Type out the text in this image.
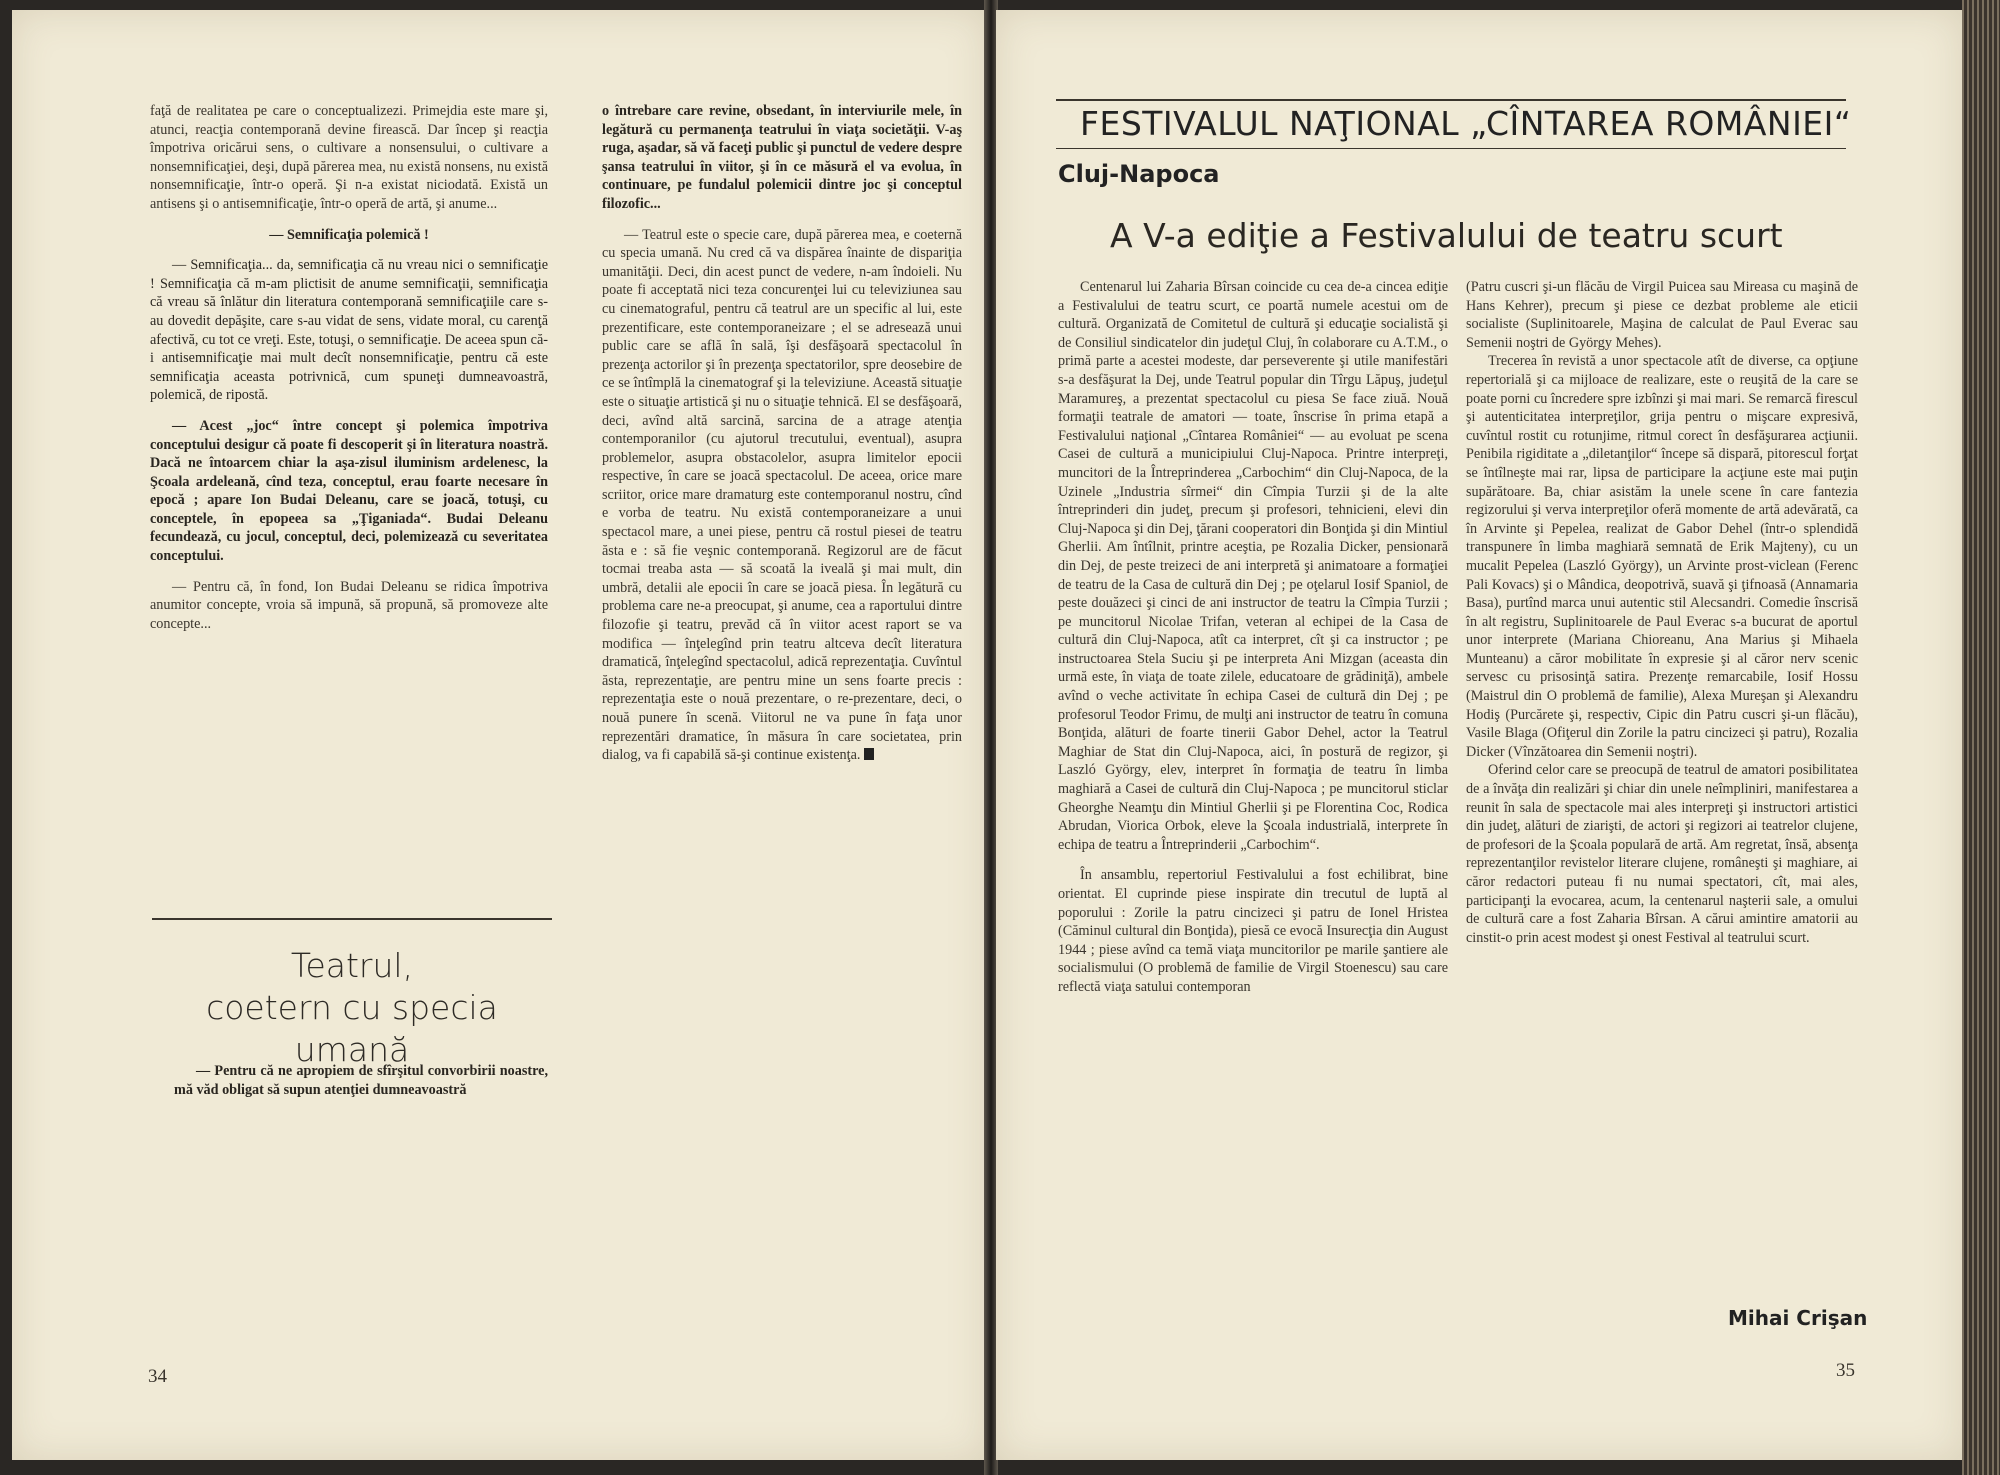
faţă de realitatea pe care o conceptualizezi. Primejdia este mare şi, atunci, reacţia contemporană devine firească. Dar încep şi reacţia împotriva oricărui sens, o cultivare a nonsensului, o cultivare a nonsemnificaţiei, deşi, după părerea mea, nu există nonsens, nu există nonsemnificaţie, într-o operă. Şi n-a existat niciodată. Există un antisens şi o antisemnificaţie, într-o operă de artă, şi anume...

— Semnificaţia polemică !

— Semnificaţia... da, semnificaţia că nu vreau nici o semnificaţie ! Semnificaţia că m-am plictisit de anume semnificaţii, semnificaţia că vreau să înlătur din literatura contemporană semnificaţiile care s-au dovedit depăşite, care s-au vidat de sens, vidate moral, cu carenţă afectivă, cu tot ce vreţi. Este, totuşi, o semnificaţie. De aceea spun că-i antisemnificaţie mai mult decît nonsemnificaţie, pentru că este semnificaţia aceasta potrivnică, cum spuneţi dumneavoastră, polemică, de ripostă.

— Acest „joc“ între concept şi polemica împotriva conceptului desigur că poate fi descoperit şi în literatura noastră. Dacă ne întoarcem chiar la aşa-zisul iluminism ardelenesc, la Şcoala ardeleană, cînd teza, conceptul, erau foarte necesare în epocă ; apare Ion Budai Deleanu, care se joacă, totuşi, cu conceptele, în epopeea sa „Ţiganiada“. Budai Deleanu fecundează, cu jocul, conceptul, deci, polemizează cu severitatea conceptului.

— Pentru că, în fond, Ion Budai Deleanu se ridica împotriva anumitor concepte, vroia să impună, să propună, să promoveze alte concepte...

Teatrul,
coetern cu specia umană

— Pentru că ne apropiem de sfîrşitul convorbirii noastre, mă văd obligat să supun atenţiei dumneavoastră

o întrebare care revine, obsedant, în interviurile mele, în legătură cu permanenţa teatrului în viaţa societăţii. V-aş ruga, aşadar, să vă faceţi public şi punctul de vedere despre şansa teatrului în viitor, şi în ce măsură el va evolua, în continuare, pe fundalul polemicii dintre joc şi conceptul filozofic...

— Teatrul este o specie care, după părerea mea, e coeternă cu specia umană. Nu cred că va dispărea înainte de dispariţia umanităţii. Deci, din acest punct de vedere, n-am îndoieli. Nu poate fi acceptată nici teza concurenţei lui cu televiziunea sau cu cinematograful, pentru că teatrul are un specific al lui, este prezentificare, este contemporaneizare ; el se adresează unui public care se află în sală, îşi desfăşoară spectacolul în prezenţa actorilor şi în prezenţa spectatorilor, spre deosebire de ce se întîmplă la cinematograf şi la televiziune. Această situaţie este o situaţie artistică şi nu o situaţie tehnică. El se desfăşoară, deci, avînd altă sarcină, sarcina de a atrage atenţia contemporanilor (cu ajutorul trecutului, eventual), asupra problemelor, asupra obstacolelor, asupra limitelor epocii respective, în care se joacă spectacolul. De aceea, orice mare scriitor, orice mare dramaturg este contemporanul nostru, cînd e vorba de teatru. Nu există contemporaneizare a unui spectacol mare, a unei piese, pentru că rostul piesei de teatru ăsta e : să fie veşnic contemporană. Regizorul are de făcut tocmai treaba asta — să scoată la iveală şi mai mult, din umbră, detalii ale epocii în care se joacă piesa. În legătură cu problema care ne-a preocupat, şi anume, cea a raportului dintre filozofie şi teatru, prevăd că în viitor acest raport se va modifica — înţelegînd prin teatru altceva decît literatura dramatică, înţelegînd spectacolul, adică reprezentaţia. Cuvîntul ăsta, reprezentaţie, are pentru mine un sens foarte precis : reprezentaţia este o nouă prezentare, o re-prezentare, deci, o nouă punere în scenă. Viitorul ne va pune în faţa unor reprezentări dramatice, în măsura în care societatea, prin dialog, va fi capabilă să-şi continue existenţa.

34
FESTIVALUL NAŢIONAL „CÎNTAREA ROMÂNIEI“
Cluj-Napoca
A V-a ediţie a Festivalului de teatru scurt

Centenarul lui Zaharia Bîrsan coincide cu cea de-a cincea ediţie a Festivalului de teatru scurt, ce poartă numele acestui om de cultură. Organizată de Comitetul de cultură şi educaţie socialistă şi de Consiliul sindicatelor din judeţul Cluj, în colaborare cu A.T.M., o primă parte a acestei modeste, dar perseverente şi utile manifestări s-a desfăşurat la Dej, unde Teatrul popular din Tîrgu Lăpuş, judeţul Maramureş, a prezentat spectacolul cu piesa Se face ziuă. Nouă formaţii teatrale de amatori — toate, înscrise în prima etapă a Festivalului naţional „Cîntarea României“ — au evoluat pe scena Casei de cultură a municipiului Cluj-Napoca. Printre interpreţi, muncitori de la Întreprinderea „Carbochim“ din Cluj-Napoca, de la Uzinele „Industria sîrmei“ din Cîmpia Turzii şi de la alte întreprinderi din judeţ, precum şi profesori, tehnicieni, elevi din Cluj-Napoca şi din Dej, ţărani cooperatori din Bonţida şi din Mintiul Gherlii. Am întîlnit, printre aceştia, pe Rozalia Dicker, pensionară din Dej, de peste treizeci de ani interpretă şi animatoare a formaţiei de teatru de la Casa de cultură din Dej ; pe oţelarul Iosif Spaniol, de peste douăzeci şi cinci de ani instructor de teatru la Cîmpia Turzii ; pe muncitorul Nicolae Trifan, veteran al echipei de la Casa de cultură din Cluj-Napoca, atît ca interpret, cît şi ca instructor ; pe instructoarea Stela Suciu şi pe interpreta Ani Mizgan (aceasta din urmă este, în viaţa de toate zilele, educatoare de grădiniţă), ambele avînd o veche activitate în echipa Casei de cultură din Dej ; pe profesorul Teodor Frimu, de mulţi ani instructor de teatru în comuna Bonţida, alături de foarte tinerii Gabor Dehel, actor la Teatrul Maghiar de Stat din Cluj-Napoca, aici, în postură de regizor, şi Laszló György, elev, interpret în formaţia de teatru în limba maghiară a Casei de cultură din Cluj-Napoca ; pe muncitorul sticlar Gheorghe Neamţu din Mintiul Gherlii şi pe Florentina Coc, Rodica Abrudan, Viorica Orbok, eleve la Şcoala industrială, interprete în echipa de teatru a Întreprinderii „Carbochim“.

În ansamblu, repertoriul Festivalului a fost echilibrat, bine orientat. El cuprinde piese inspirate din trecutul de luptă al poporului : Zorile la patru cincizeci şi patru de Ionel Hristea (Căminul cultural din Bonţida), piesă ce evocă Insurecţia din August 1944 ; piese avînd ca temă viaţa muncitorilor pe marile şantiere ale socialismului (O problemă de familie de Virgil Stoenescu) sau care reflectă viaţa satului contemporan

(Patru cuscri şi-un flăcău de Virgil Puicea sau Mireasa cu maşină de Hans Kehrer), precum şi piese ce dezbat probleme ale eticii socialiste (Suplinitoarele, Maşina de calculat de Paul Everac sau Semenii noştri de György Mehes).

Trecerea în revistă a unor spectacole atît de diverse, ca opţiune repertorială şi ca mijloace de realizare, este o reuşită de la care se poate porni cu încredere spre izbînzi şi mai mari. Se remarcă firescul şi autenticitatea interpreţilor, grija pentru o mişcare expresivă, cuvîntul rostit cu rotunjime, ritmul corect în desfăşurarea acţiunii. Penibila rigiditate a „diletanţilor“ începe să dispară, pitorescul forţat se întîlneşte mai rar, lipsa de participare la acţiune este mai puţin supărătoare. Ba, chiar asistăm la unele scene în care fantezia regizorului şi verva interpreţilor oferă momente de artă adevărată, ca în Arvinte şi Pepelea, realizat de Gabor Dehel (într-o splendidă transpunere în limba maghiară semnată de Erik Majteny), cu un mucalit Pepelea (Laszló György), un Arvinte prost-viclean (Ferenc Pali Kovacs) şi o Mândica, deopotrivă, suavă şi ţifnoasă (Annamaria Basa), purtînd marca unui autentic stil Alecsandri. Comedie înscrisă în alt registru, Suplinitoarele de Paul Everac s-a bucurat de aportul unor interprete (Mariana Chioreanu, Ana Marius şi Mihaela Munteanu) a căror mobilitate în expresie şi al căror nerv scenic servesc cu prisosinţă satira. Prezenţe remarcabile, Iosif Hossu (Maistrul din O problemă de familie), Alexa Mureşan şi Alexandru Hodiş (Purcărete şi, respectiv, Cipic din Patru cuscri şi-un flăcău), Vasile Blaga (Ofiţerul din Zorile la patru cincizeci şi patru), Rozalia Dicker (Vînzătoarea din Semenii noştri).

Oferind celor care se preocupă de teatrul de amatori posibilitatea de a învăţa din realizări şi chiar din unele neîmpliniri, manifestarea a reunit în sala de spectacole mai ales interpreţi şi instructori artistici din judeţ, alături de ziarişti, de actori şi regizori ai teatrelor clujene, de profesori de la Şcoala populară de artă. Am regretat, însă, absenţa reprezentanţilor revistelor literare clujene, româneşti şi maghiare, ai căror redactori puteau fi nu numai spectatori, cît, mai ales, participanţi la evocarea, acum, la centenarul naşterii sale, a omului de cultură care a fost Zaharia Bîrsan. A cărui amintire amatorii au cinstit-o prin acest modest şi onest Festival al teatrului scurt.

Mihai Crişan
35
